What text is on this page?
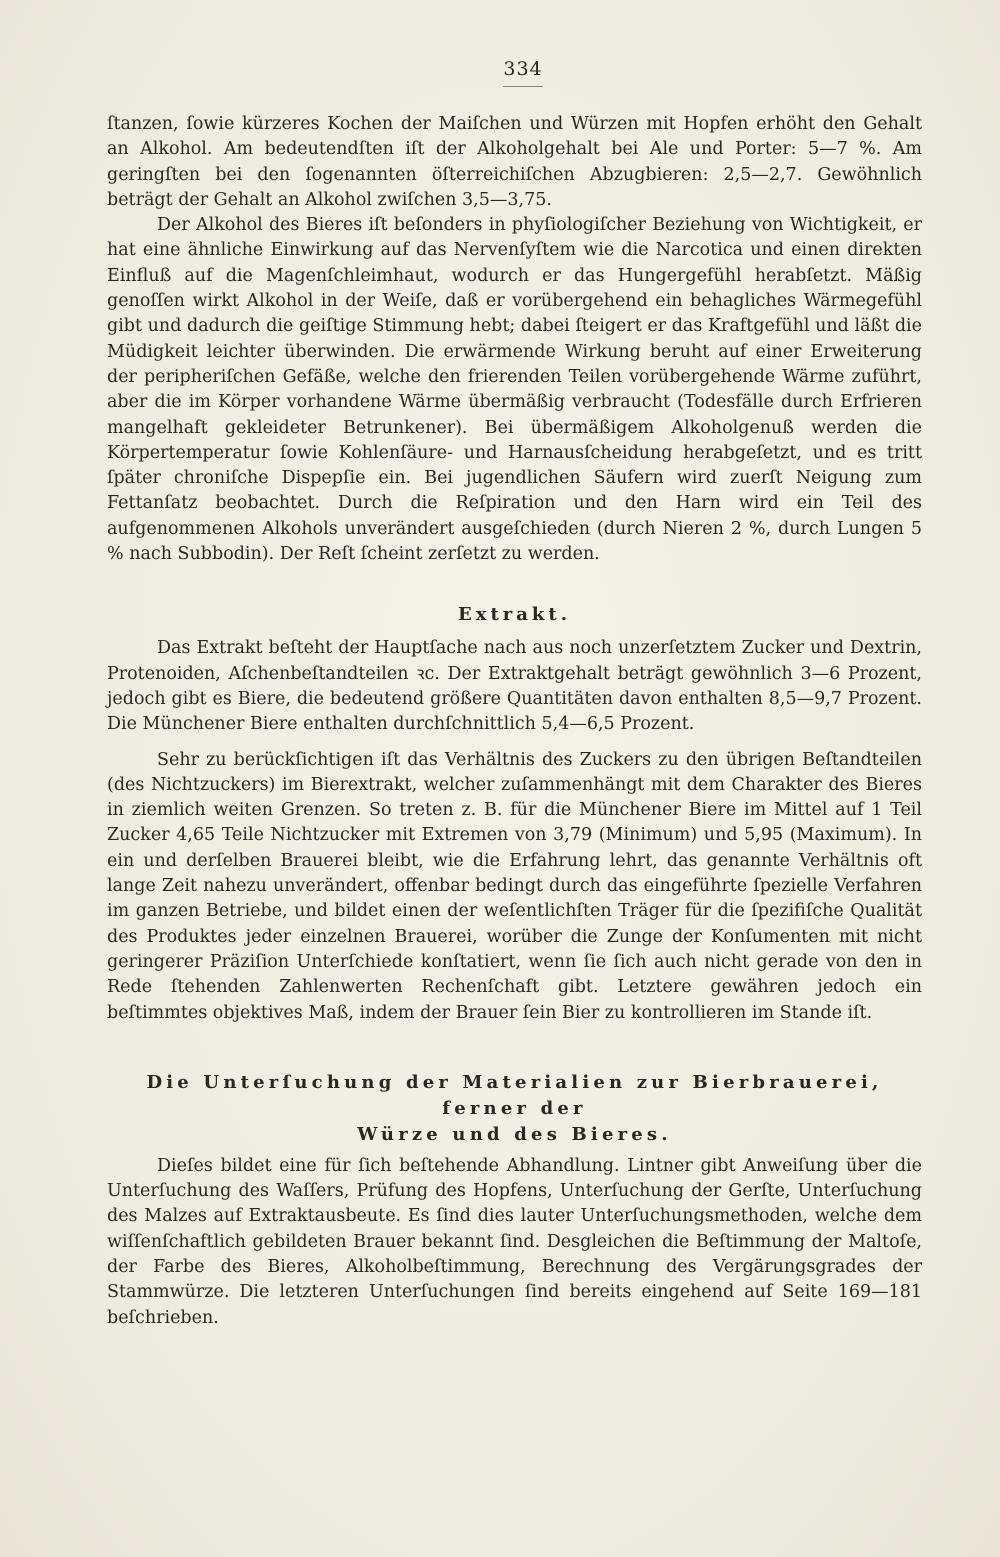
334

ſtanzen, ſowie kürzeres Kochen der Maiſchen und Würzen mit Hopfen erhöht den Gehalt an Alkohol. Am bedeutendſten iſt der Alkoholgehalt bei Ale und Porter: 5—7 %. Am geringſten bei den ſogenannten öſterreichiſchen Abzugbieren: 2,5—2,7. Gewöhnlich beträgt der Gehalt an Alkohol zwiſchen 3,5—3,75.

Der Alkohol des Bieres iſt beſonders in phyſiologiſcher Beziehung von Wichtigkeit, er hat eine ähnliche Einwirkung auf das Nervenſyſtem wie die Narcotica und einen direkten Einfluß auf die Magenſchleimhaut, wodurch er das Hungergefühl herabſetzt. Mäßig genoſſen wirkt Alkohol in der Weiſe, daß er vorübergehend ein behagliches Wärmegefühl gibt und dadurch die geiſtige Stimmung hebt; dabei ſteigert er das Kraftgefühl und läßt die Müdigkeit leichter überwinden. Die erwärmende Wirkung beruht auf einer Erweiterung der peripheriſchen Gefäße, welche den frierenden Teilen vorübergehende Wärme zuführt, aber die im Körper vorhandene Wärme übermäßig verbraucht (Todesfälle durch Erfrieren mangelhaft gekleideter Betrunkener). Bei übermäßigem Alkoholgenuß werden die Körpertemperatur ſowie Kohlenſäure- und Harnausſcheidung herabgeſetzt, und es tritt ſpäter chroniſche Dispepſie ein. Bei jugendlichen Säufern wird zuerſt Neigung zum Fettanſatz beobachtet. Durch die Reſpiration und den Harn wird ein Teil des aufgenommenen Alkohols unverändert ausgeſchieden (durch Nieren 2 %, durch Lungen 5 % nach Subbodin). Der Reſt ſcheint zerſetzt zu werden.

Extrakt.

Das Extrakt beſteht der Hauptſache nach aus noch unzerſetztem Zucker und Dextrin, Protenoiden, Aſchenbeſtandteilen ꝛc. Der Extraktgehalt beträgt gewöhnlich 3—6 Prozent, jedoch gibt es Biere, die bedeutend größere Quantitäten davon enthalten 8,5—9,7 Prozent. Die Münchener Biere enthalten durchſchnittlich 5,4—6,5 Prozent.

Sehr zu berückſichtigen iſt das Verhältnis des Zuckers zu den übrigen Beſtandteilen (des Nichtzuckers) im Bierextrakt, welcher zuſammenhängt mit dem Charakter des Bieres in ziemlich weiten Grenzen. So treten z. B. für die Münchener Biere im Mittel auf 1 Teil Zucker 4,65 Teile Nichtzucker mit Extremen von 3,79 (Minimum) und 5,95 (Maximum). In ein und derſelben Brauerei bleibt, wie die Erfahrung lehrt, das genannte Verhältnis oft lange Zeit nahezu unverändert, offenbar bedingt durch das eingeführte ſpezielle Verfahren im ganzen Betriebe, und bildet einen der weſentlichſten Träger für die ſpezifiſche Qualität des Produktes jeder einzelnen Brauerei, worüber die Zunge der Konſumenten mit nicht geringerer Präziſion Unterſchiede konſtatiert, wenn ſie ſich auch nicht gerade von den in Rede ſtehenden Zahlenwerten Rechenſchaft gibt. Letztere gewähren jedoch ein beſtimmtes objektives Maß, indem der Brauer ſein Bier zu kontrollieren im Stande iſt.

Die Unterſuchung der Materialien zur Bierbrauerei, ferner der
Würze und des Bieres.

Dieſes bildet eine für ſich beſtehende Abhandlung. Lintner gibt Anweiſung über die Unterſuchung des Waſſers, Prüfung des Hopfens, Unterſuchung der Gerſte, Unterſuchung des Malzes auf Extraktausbeute. Es ſind dies lauter Unterſuchungsmethoden, welche dem wiſſenſchaftlich gebildeten Brauer bekannt ſind. Desgleichen die Beſtimmung der Maltoſe, der Farbe des Bieres, Alkoholbeſtimmung, Berechnung des Vergärungsgrades der Stammwürze. Die letzteren Unterſuchungen ſind bereits eingehend auf Seite 169—181 beſchrieben.
